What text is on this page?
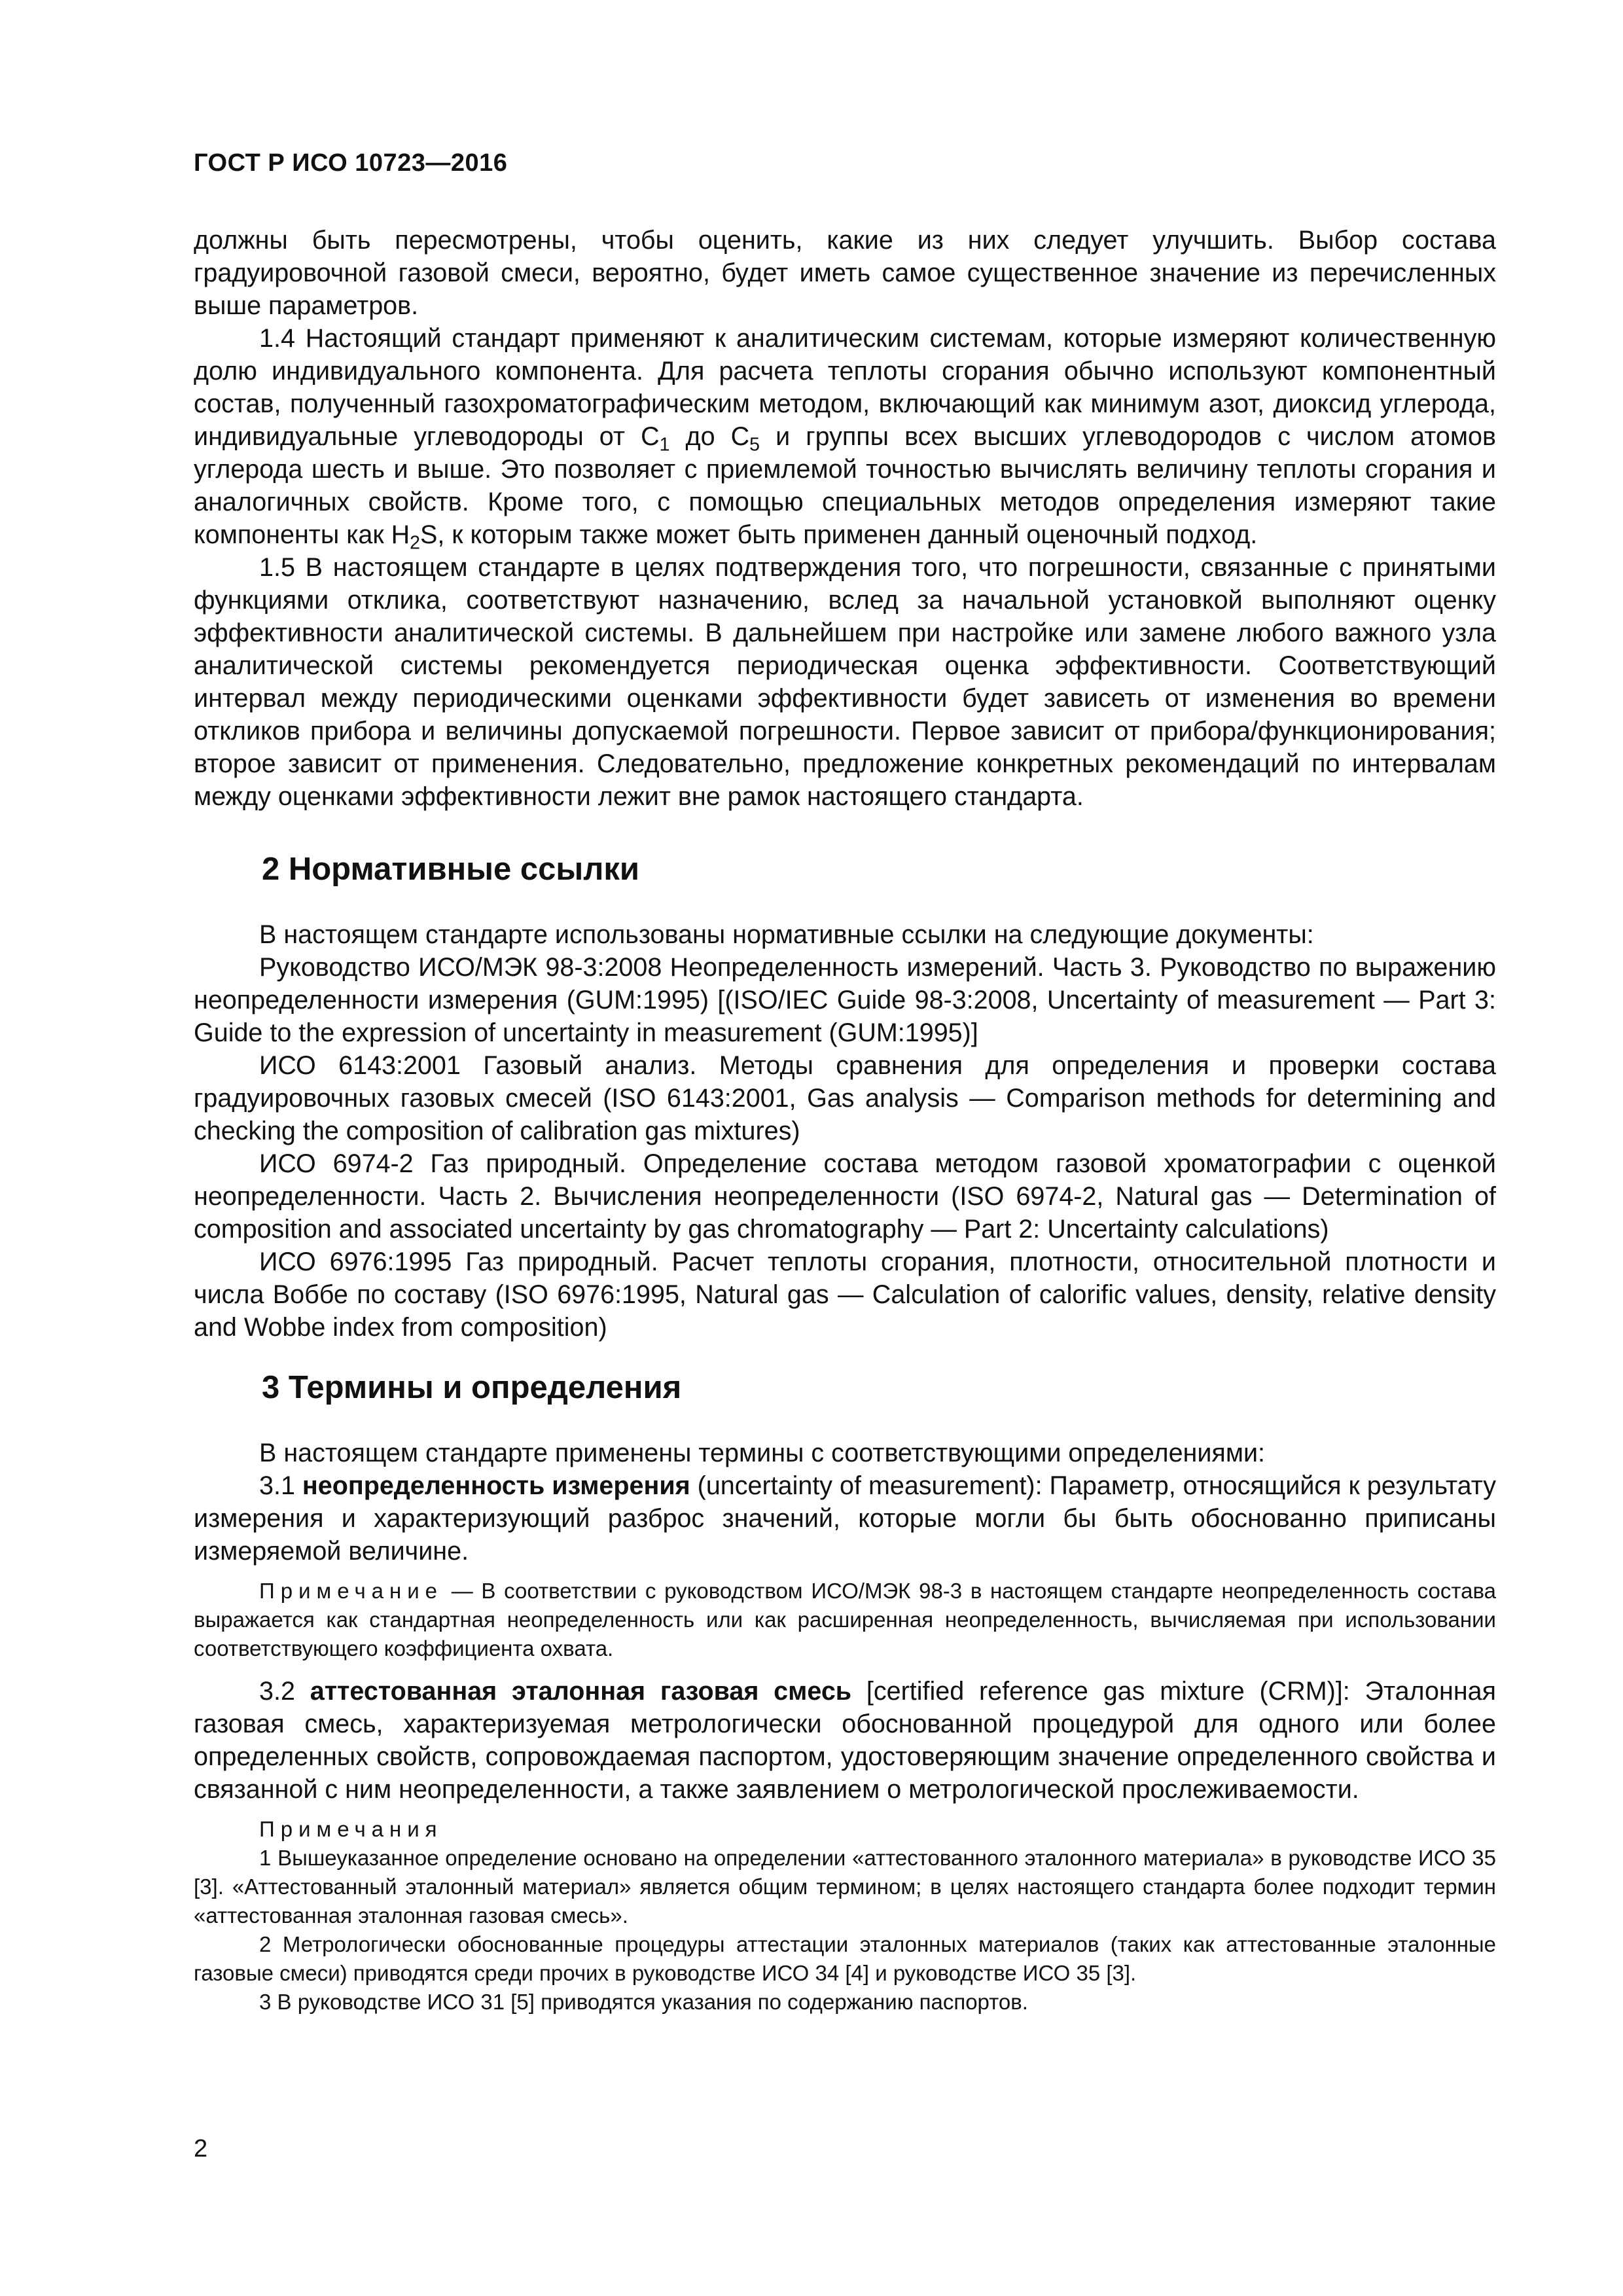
ГОСТ Р ИСО 10723—2016

должны быть пересмотрены, чтобы оценить, какие из них следует улучшить. Выбор состава градуировочной газовой смеси, вероятно, будет иметь самое существенное значение из перечисленных выше параметров.

1.4 Настоящий стандарт применяют к аналитическим системам, которые измеряют количественную долю индивидуального компонента. Для расчета теплоты сгорания обычно используют компонентный состав, полученный газохроматографическим методом, включающий как минимум азот, диоксид углерода, индивидуальные углеводороды от $C_1$ до $C_5$ и группы всех высших углеводородов с числом атомов углерода шесть и выше. Это позволяет с приемлемой точностью вычислять величину теплоты сгорания и аналогичных свойств. Кроме того, с помощью специальных методов определения измеряют такие компоненты как $H_2S$, к которым также может быть применен данный оценочный подход.

1.5 В настоящем стандарте в целях подтверждения того, что погрешности, связанные с принятыми функциями отклика, соответствуют назначению, вслед за начальной установкой выполняют оценку эффективности аналитической системы. В дальнейшем при настройке или замене любого важного узла аналитической системы рекомендуется периодическая оценка эффективности. Соответствующий интервал между периодическими оценками эффективности будет зависеть от изменения во времени откликов прибора и величины допускаемой погрешности. Первое зависит от прибора/функционирования; второе зависит от применения. Следовательно, предложение конкретных рекомендаций по интервалам между оценками эффективности лежит вне рамок настоящего стандарта.

2 Нормативные ссылки

В настоящем стандарте использованы нормативные ссылки на следующие документы:

Руководство ИСО/МЭК 98-3:2008 Неопределенность измерений. Часть 3. Руководство по выражению неопределенности измерения (GUM:1995) [(ISO/IEC Guide 98-3:2008, Uncertainty of measurement — Part 3: Guide to the expression of uncertainty in measurement (GUM:1995)]

ИСО 6143:2001 Газовый анализ. Методы сравнения для определения и проверки состава градуировочных газовых смесей (ISO 6143:2001, Gas analysis — Comparison methods for determining and checking the composition of calibration gas mixtures)

ИСО 6974-2 Газ природный. Определение состава методом газовой хроматографии с оценкой неопределенности. Часть 2. Вычисления неопределенности (ISO 6974-2, Natural gas — Determination of composition and associated uncertainty by gas chromatography — Part 2: Uncertainty calculations)

ИСО 6976:1995 Газ природный. Расчет теплоты сгорания, плотности, относительной плотности и числа Воббе по составу (ISO 6976:1995, Natural gas — Calculation of calorific values, density, relative density and Wobbe index from composition)

3 Термины и определения

В настоящем стандарте применены термины с соответствующими определениями:

3.1 неопределенность измерения (uncertainty of measurement): Параметр, относящийся к результату измерения и характеризующий разброс значений, которые могли бы быть обоснованно приписаны измеряемой величине.

Примечание — В соответствии с руководством ИСО/МЭК 98-3 в настоящем стандарте неопределенность состава выражается как стандартная неопределенность или как расширенная неопределенность, вычисляемая при использовании соответствующего коэффициента охвата.

3.2 аттестованная эталонная газовая смесь [certified reference gas mixture (CRM)]: Эталонная газовая смесь, характеризуемая метрологически обоснованной процедурой для одного или более определенных свойств, сопровождаемая паспортом, удостоверяющим значение определенного свойства и связанной с ним неопределенности, а также заявлением о метрологической прослеживаемости.

Примечания

1 Вышеуказанное определение основано на определении «аттестованного эталонного материала» в руководстве ИСО 35 [3]. «Аттестованный эталонный материал» является общим термином; в целях настоящего стандарта более подходит термин «аттестованная эталонная газовая смесь».

2 Метрологически обоснованные процедуры аттестации эталонных материалов (таких как аттестованные эталонные газовые смеси) приводятся среди прочих в руководстве ИСО 34 [4] и руководстве ИСО 35 [3].

3 В руководстве ИСО 31 [5] приводятся указания по содержанию паспортов.

2
